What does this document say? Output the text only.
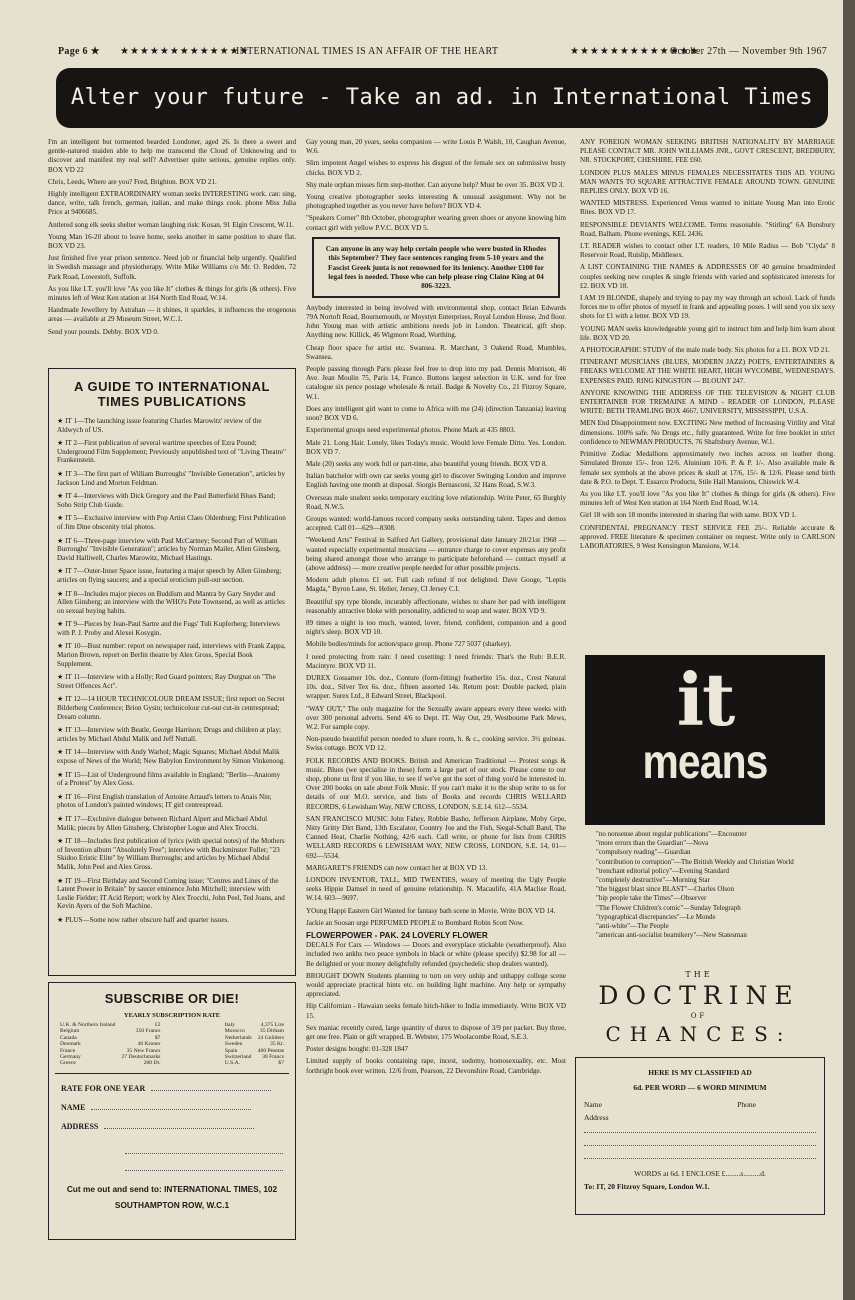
Page 6 ★ ★★★★★★★★★★★★★
INTERNATIONAL TIMES IS AN AFFAIR OF THE HEART	★★★★★★★★★★★★★
October 27th — November 9th 1967
Alter your future - Take an ad. in International Times

I'm an intelligent but tormented bearded Londoner, aged 26. Is there a sweet and gentle-natured maiden able to help me transcend the Cloud of Unknowing and to discover and manifest my real self? Advertiser quite serious, genuine replies only. BOX VD 22

Chris, Leeds, Where are you? Fred, Brighton. BOX VD 21.

Highly intelligent EXTRAORDINARY woman seeks INTERESTING work. can: sing, dance, write, talk french, german, italian, and make things cook. phone Miss Julia Price at 9406685.

Antlered song elk seeks shelter woman laughing risk: Kosan, 91 Elgin Crescent, W.11.

Young Man 16-20 about to leave home, seeks another in same position to share flat. BOX VD 23.

Just finished five year prison sentence. Need job or financial help urgently. Qualified in Swedish massage and physiotherapy. Write Mike Williams c/o Mr. O. Redden, 72 Park Road, Lowestoft, Suffolk.

As you like I.T. you'll love "As you like It" clothes & things for girls (& others). Five minutes left of West Ken station at 164 North End Road, W.14.

Handmade Jewellery by Astrahan — it shines, it sparkles, it influences the erogenous areas — available at 29 Museum Street, W.C.1.

Send your pounds. Debby. BOX VD 0.

A GUIDE TO INTERNATIONAL TIMES PUBLICATIONS

★ IT 1—The launching issue featuring Charles Marowitz' review of the Aldwych of US.

★ IT 2—First publication of several wartime speeches of Ezra Pound; Underground Film Supplement; Previously unpublished text of "Living Theatre" Frankenstein.

★ IT 3—The first part of William Burroughs' "Invisible Generation", articles by Jackson Lind and Morton Feldman.

★ IT 4—Interviews with Dick Gregory and the Paul Butterfield Blues Band; Soho Strip Club Guide.

★ IT 5—Exclusive interview with Pop Artist Claes Oldenburg; First Publication of Jim Dine obscenity trial photos.

★ IT 6—Three-page interview with Paul McCartney; Second Part of William Burroughs' "Invisible Generation"; articles by Norman Mailer, Allen Ginsberg, David Halliwell, Charles Marowitz, Michael Hastings.

★ IT 7—Outer-Inner Space issue, featuring a major speech by Allen Ginsberg; articles on flying saucers; and a special eroticism pull-out section.

★ IT 8—Includes major pieces on Buddism and Mantra by Gary Snyder and Allen Ginsberg; an interview with the WHO's Pete Townsend, as well as articles on sexual buying habits.

★ IT 9—Pieces by Jean-Paul Sartre and the Fugs' Tuli Kupferberg; Interviews with P. J. Proby and Alexei Kosygin.

★ IT 10—Bust number: report on newspaper raid, interviews with Frank Zappa, Marion Brown, report on Berlin theatre by Alex Gross, Special Book Supplement.

★ IT 11—Interview with a Holly; Red Guard pointers; Ray Durgnat on "The Street Offences Act".

★ IT 12—14 HOUR TECHNICOLOUR DREAM ISSUE; first report on Secret Bilderberg Conference; Brion Gysin; technicolour cut-out cut-in centrespread; Dream column.

★ IT 13—Interview with Beatle, George Harrison; Drugs and children at play; articles by Michael Abdul Malik and Jeff Nuttall.

★ IT 14—Interview with Andy Warhol; Magic Squares; Michael Abdul Malik expose of News of the World; New Babylon Environment by Simon Vinkenoog.

★ IT 15—List of Underground films available in England; "Berlin—Anatomy of a Protest" by Alex Goss.

★ IT 16—First English translation of Antoine Artaud's letters to Anais Nin; photos of London's painted windows; IT girl centrespread.

★ IT 17—Exclusive dialogue between Richard Alpert and Michael Abdul Malik; pieces by Allen Ginsberg, Christopher Logue and Alex Trocchi.

★ IT 18—Includes first publication of lyrics (with special notes) of the Mothers of Invention album "Absolutely Free"; interview with Buckminster Fuller; "23 Skidoo Eristic Elite" by William Burroughs; and articles by Michael Abdul Malik, John Peel and Alex Gross.

★ IT 19—First Birthday and Second Coming issue; "Centres and Lines of the Latent Power in Britain" by saucer eminence John Mitchell; interview with Leslie Fielder; IT Acid Report; work by Alex Trocchi, John Peel, Ted Joans, and Kevin Ayers of the Soft Machine.

★ PLUS—Some now rather obscure half and quarter issues.

SUBSCRIBE OR DIE!
YEARLY SUBSCRIPTION RATE
U.K. & Northern Ireland	£2
Belgium	350 Francs
Canada	$7
Denmark	46 Kroner
France	35 New Francs
Germany	27 Deutschmarks
Greece	200 Dr.
Italy	4,375 Lire
Morocco	35 Dirham
Netherlands	24 Guilders
Sweden	35 Kr.
Spain	400 Pesetas
Switzerland	30 Francs
U.S.A.	$7
RATE FOR ONE YEAR
NAME
ADDRESS
Cut me out and send to: INTERNATIONAL TIMES, 102 SOUTHAMPTON ROW, W.C.1

Gay young man, 20 years, seeks companion — write Louis P. Walsh, 10, Caughan Avenue, W.6.

Slim impotent Angel wishes to express his disgust of the female sex on submissive busty chicks. BOX VD 2.

Shy male orphan misses firm step-mother. Can anyone help? Must be over 35. BOX VD 3.

Young creative photographer seeks interesting & unusual assignment. Why not be photographed together as you never have before? BOX VD 4.

"Speakers Corner" 8th October, photographer wearing green shoes or anyone knowing him contact girl with yellow P.V.C. BOX VD 5.

Can anyone in any way help certain people who were busted in Rhodes this September? They face sentences ranging from 5-10 years and the Fascist Greek junta is not renowned for its leniency. Another £100 for legal fees is needed. Those who can help please ring Claine King at 04 806-3223.

Anybody interested in being involved with environmental shop, contact Brian Edwards 79A Nortoft Road, Bournemouth, or Moystyn Enterprises, Royal London House, 2nd floor. John Young man with artistic ambitions needs job in London. Theatrical, gift shop. Anything new. Killick, 46 Wigmore Road, Worthing.

Cheap floor space for artist etc. Swansea. R. Marchant, 3 Oakend Road, Mumbles, Swansea.

People passing through Paris please feel free to drop into my pad. Dennis Morrison, 46 Ave. Jean Moulin 75, Paris 14, France. Buttons largest selection in U.K. send for free catalogue six pence postage wholesale & retail. Badge & Novelty Co., 21 Fitzroy Square, W.1.

Does any intelligent girl want to come to Africa with me (24) (direction Tanzania) leaving soon? BOX VD 6.

Experimental groups need experimental photos. Phone Mark at 435 8803.

Male 21. Long Hair. Lonely, likes Today's music. Would love Female Ditto. Yes. London. BOX VD 7.

Male (20) seeks any work full or part-time, also beautiful young friends. BOX VD 8.

Italian batchelor with own car seeks young girl to discover Swinging London and improve English having one month at disposal. Siorgis Bernasconi, 32 Hans Road, S.W.3.

Overseas male student seeks temporary exciting love relationship. Write Peter, 65 Burghly Road, N.W.5.

Groups wanted: world-famous record company seeks outstanding talent. Tapes and demos accepted. Call 01—629—8308.

"Weekend Arts" Festival in Salford Art Gallery, provisional date January 20/21st 1968 — wanted especially experimental musicians — entrance charge to cover expenses any profit being shared amongst those who arrange to participate beforehand — contact myself at (above address) — more creative people needed for other possible projects.

Modern adult photos £1 set. Full cash refund if not delighted. Dave Googe, "Leptis Magda," Byron Lane, St. Helier, Jersey, CI Jersey C.I.

Beautiful spy type blonde, incurably affectionate, wishes to share her pad with intelligent reasonably attractive bloke with personality, addicted to soap and water. BOX VD 9.

89 times a night is too much, wanted, lover, friend, confident, companion and a good night's sleep. BOX VD 10.

Mobile bodies/minds for action/space group. Phone 727 5037 (sharkey).

I need protecting from rain: I need cosetting: I need friends: That's the Rub: B.E.R. Macintyre. BOX VD 11.

DUREX Gossamer 10s. doz., Conture (form-fitting) featherlite 15s. doz., Crest Natural 10s. doz., Silver Tex 6s. doz., fifteen assorted 14s. Return post: Double packed, plain wrapper. Surex Ltd., 8 Edward Street, Blackpool.

"WAY OUT," The only magazine for the Sexually aware appears every three weeks with over 300 personal adverts. Send 4/6 to Dept. IT. Way Out, 29, Westbourne Park Mews, W.2. For sample copy.

Non-pseudo beautiful person needed to share room, h. & c., cooking service. 3½ guineas. Swiss cottage. BOX VD 12.

FOLK RECORDS AND BOOKS. British and American Traditional — Protest songs & music. Blues (we specialise in these) form a large part of our stock. Please come to our shop, phone us first if you like, to see if we've got the sort of thing you'd be interested in. Over 200 books on sale about Folk Music. If you can't make it to the shop write to us for details of our M.O. service, and lists of Books and records CHRIS WELLARD RECORDS, 6 Lewisham Way, NEW CROSS, LONDON, S.E.14. 612—5534.

SAN FRANCISCO MUSIC John Fahey, Robbie Basho, Jefferson Airplane, Moby Grpe, Nitty Gritty Dirt Band, 13th Escalator, Country Joe and the Fish, Siegal-Schall Band, The Canned Heat, Charlie Nothing, 42/6 each. Call write, or phone for lists from CHRIS WELLARD RECORDS 6 LEWISHAM WAY, NEW CROSS, LONDON, S.E. 14, 01—692—5534.

MARGARET'S FRIENDS can now contact her at BOX VD 13.

LONDON INVENTOR, TALL, MID TWENTIES, weary of meeting the Ugly People seeks Hippie Damsel in need of genuine relationship. N. Macaulife, 41A Maclise Road, W.14. 603—9697.

YOung Happi Eastern Girl Wanted for fantasy bath scene in Movie. Write BOX VD 14.

Jackie an Soosan urge PERFUMED PEOPLE to Bombard Robin Scott Now.

FLOWERPOWER - PAK. 24 LOVERLY FLOWER
DECALS For Cars — Windows — Doors and everyplace stickable (weatherproof). Also included two ankhs two peace symbols in black or white (please specify) $2.98 for all — Be delighted or your money delightfully refunded (psychedelic shop dealers wanted).

BROUGHT DOWN Students planning to turn on very unhip and unhappy college scene would appreciate practical hints etc. on building light machine. Any help or sympathy appreciated.

Hip Californian - Hawaian seeks female hitch-hiker to India immediately. Write BOX VD 15.

Sex maniac recently cured, large quantity of durex to dispose of 3/9 per packet. Buy three, get one free. Plain or gift wrapped. B. Webster, 175 Woolacombe Road, S.E.3.

Poster designs bought: 01-328 1847

Limited supply of books containing rape, incest, sodomy, homosexuality, etc. Most forthright book ever written. 12/6 from, Pearson, 22 Devonshire Road, Cambridge.

ANY FOREIGN WOMAN SEEKING BRITISH NATIONALITY BY MARRIAGE PLEASE CONTACT MR. JOHN WILLIAMS JNR., GOVT CRESCENT, BREDBURY, NR. STOCKPORT, CHESHIRE. FEE £60.

LONDON PLUS MALES MINUS FEMALES NECESSITATES THIS AD. YOUNG MAN WANTS TO SQUARE ATTRACTIVE FEMALE AROUND TOWN. GENUINE REPLIES ONLY. BOX VD 16.

WANTED MISTRESS. Experienced Venus wanted to initiate Young Man into Erotic Rites. BOX VD 17.

RESPONSIBLE DEVIANTS WELCOME. Terms reasonable. "Stirling" 6A Bunsbury Road, Balham. Phone evenings, KEL 2436.

I.T. READER wishes to contact other I.T. readers, 10 Mile Radius — Bob "Clyda" 8 Reservoir Road, Ruislip, Middlesex.

A LIST CONTAINING THE NAMES & ADDRESSES OF 40 genuine broadminded couples seeking new couples & single friends with varied and sophisticated interests for £2. BOX VD 18.

I AM 19 BLONDE, shapely and trying to pay my way through art school. Lack of funds forces me to offer photos of myself in frank and appealing poses. I will send you six sexy shots for £1 with a letter. BOX VD 19.

YOUNG MAN seeks knowledgeable young girl to instruct him and help him learn about life. BOX VD 20.

A PHOTOGRAPHIC STUDY of the male nude body. Six photos for a £1. BOX VD 21.

ITINERANT MUSICIANS (BLUES, MODERN JAZZ) POETS, ENTERTAINERS & FREAKS WELCOME AT THE WHITE HEART, HIGH WYCOMBE, WEDNESDAYS. EXPENSES PAID. RING KINGSTON — BLOUNT 247.

ANYONE KNOWING THE ADDRESS OF THE TELEVISION & NIGHT CLUB ENTERTAINER FOR TREMAINE A MIND - READER OF LONDON, PLEASE WRITE: BETH TRAMLING BOX 4667, UNIVERSITY, MISSISSIPPI, U.S.A.

MEN End Disappointment now. EXCITING New method of Increasing Virility and Vital dimensions. 100% safe. No Drugs etc., fully guaranteed. Write for free booklet in strict confidence to NEWMAN PRODUCTS, 76 Shaftsbury Avenue, W.1.

Primitive Zodiac Medallions approximately two inches across on leather thong. Simulated Bronze 15/-. Iron 12/6. Aluinium 10/6. P. & P. 1/-. Also available male & female sex symbols at the above prices & skull at 17/6, 15/- & 12/6. Please send birth date & P.O. to Dept. T. Essarco Products, Stile Hall Mansions, Chiswick W.4.

As you like I.T. you'll love "As you like It" clothes & things for girls (& others). Five minutes left of West Ken station at 164 North End Road, W.14.

Girl 18 with son 18 months interested in sharing flat with same. BOX VD 1.

CONFIDENTAL PREGNANCY TEST SERVICE FEE 25/-. Reliable accurate & approved. FREE literature & specimen container on request. Write only to CARLSON LABORATORIES, 9 West Kensington Mansions, W.14.

it
means

"no nonsense about regular publications"—Encounter

"more errors than the Guardian"—Nova

"compulsory reading"—Guardian

"contribution to corruption"—The British Weekly and Christian World

"trenchant editorial policy"—Evening Standard

"completely destructive"—Morning Star

"the biggest blast since BLAST"—Charles Olson

"hip people take the Times"—Observer

"The Flower Children's comic"—Sunday Telegraph

"typographical discrepancies"—Le Monde

"anti-white"—The People

"american anti-socialist beatnikery"—New Statesman

THE
DOCTRINE
OF
CHANCES:
HERE IS MY CLASSIFIED AD
6d. PER WORD — 6 WORD MINIMUM
Name	Phone
Address
WORDS at 6d. I ENCLOSE £........s.........d.
To: IT, 20 Fitzroy Square, London W.1.
